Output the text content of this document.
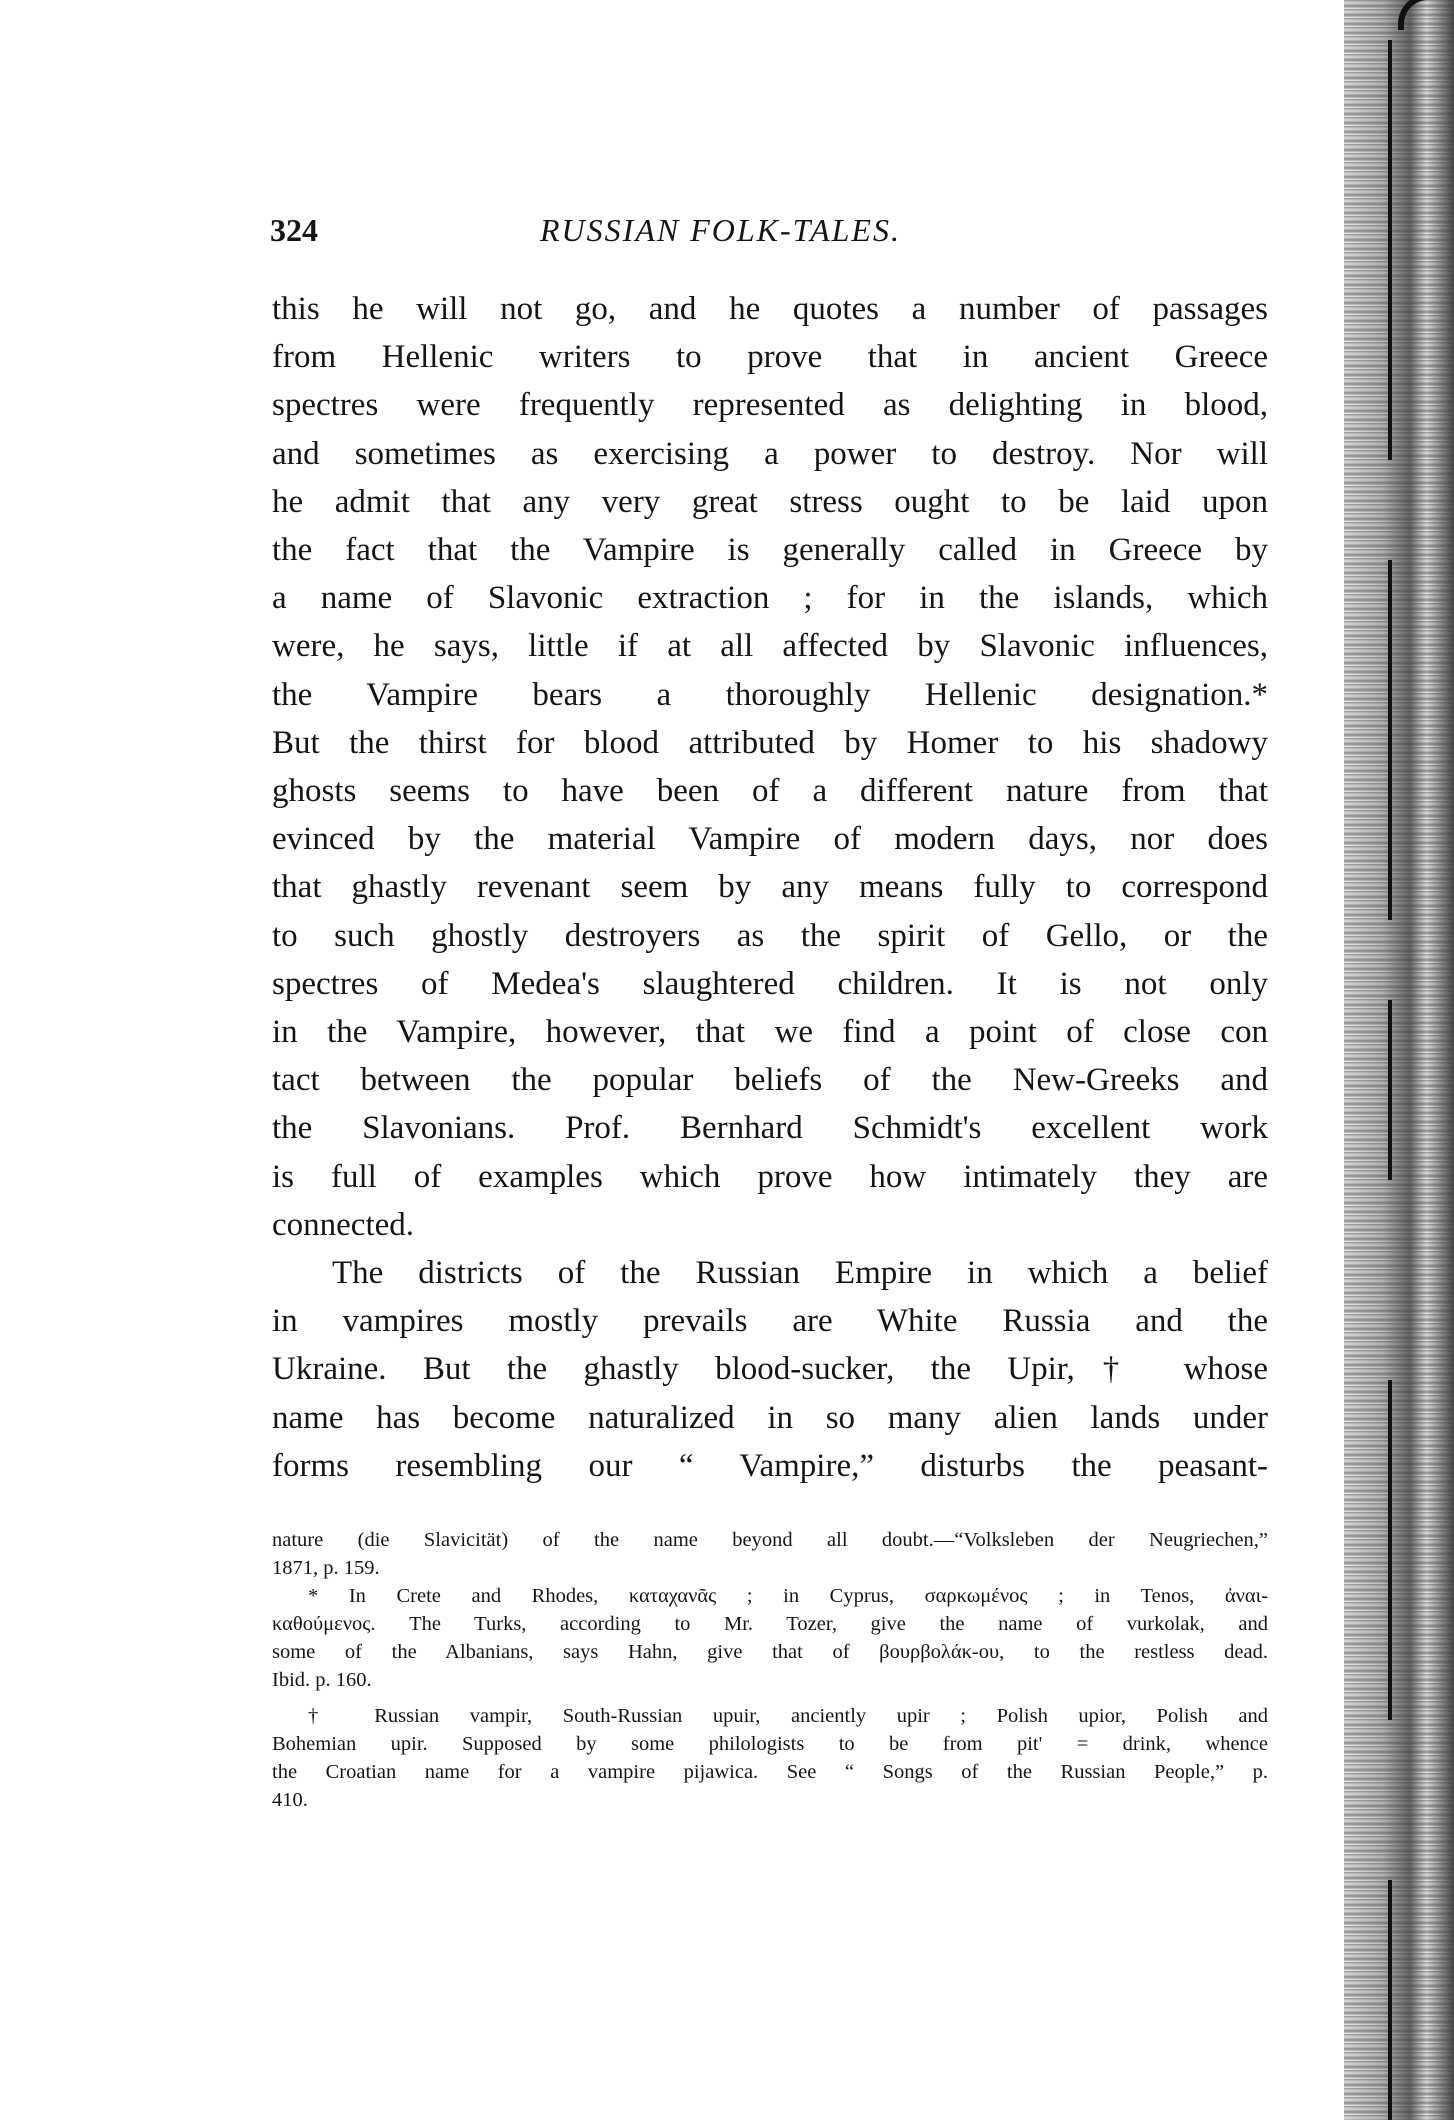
324	RUSSIAN FOLK-TALES.
this he will not go, and he quotes a number of passages
from Hellenic writers to prove that in ancient Greece
spectres were frequently represented as delighting in blood,
and sometimes as exercising a power to destroy. Nor will
he admit that any very great stress ought to be laid upon
the fact that the Vampire is generally called in Greece by
a name of Slavonic extraction ; for in the islands, which
were, he says, little if at all affected by Slavonic influences,
the Vampire bears a thoroughly Hellenic designation.*
But the thirst for blood attributed by Homer to his shadowy
ghosts seems to have been of a different nature from that
evinced by the material Vampire of modern days, nor does
that ghastly revenant seem by any means fully to correspond
to such ghostly destroyers as the spirit of Gello, or the
spectres of Medea's slaughtered children. It is not only
in the Vampire, however, that we find a point of close con
tact between the popular beliefs of the New-Greeks and
the Slavonians. Prof. Bernhard Schmidt's excellent work
is full of examples which prove how intimately they are
connected.
The districts of the Russian Empire in which a belief
in vampires mostly prevails are White Russia and the
Ukraine. But the ghastly blood-sucker, the Upir,† whose
name has become naturalized in so many alien lands under
forms resembling our “ Vampire,” disturbs the peasant-
nature (die Slavicität) of the name beyond all doubt.—“Volksleben der Neugriechen,”
1871, p. 159.
* In Crete and Rhodes, καταχανᾶς ; in Cyprus, σαρκωμένος ; in Tenos, ἀναι-
καθούμενος. The Turks, according to Mr. Tozer, give the name of vurkolak, and
some of the Albanians, says Hahn, give that of βουρβολάκ-ου, to the restless dead.
Ibid. p. 160.
† Russian vampir, South-Russian upuir, anciently upir ; Polish upior, Polish and
Bohemian upir. Supposed by some philologists to be from pit' = drink, whence
the Croatian name for a vampire pijawica. See “ Songs of the Russian People,” p.
410.
